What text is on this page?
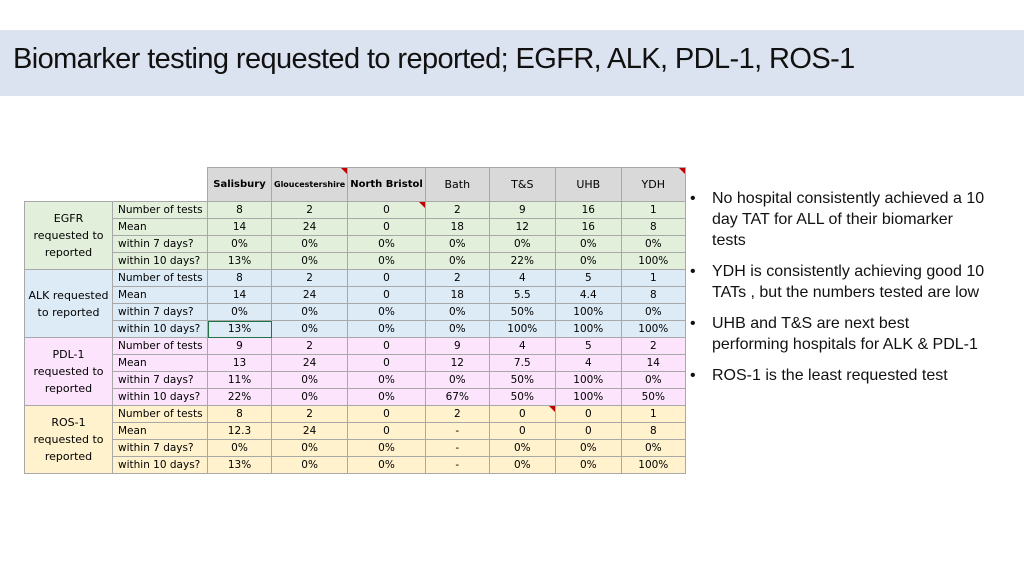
Biomarker testing requested to reported; EGFR, ALK, PDL-1, ROS-1
		Salisbury	Gloucestershire	North Bristol	Bath	T&S	UHB	YDH
EGFR requested to reported	Number of tests	8	2	0	2	9	16	1
	Mean	14	24	0	18	12	16	8
	within 7 days?	0%	0%	0%	0%	0%	0%	0%
	within 10 days?	13%	0%	0%	0%	22%	0%	100%
ALK requested to reported	Number of tests	8	2	0	2	4	5	1
	Mean	14	24	0	18	5.5	4.4	8
	within 7 days?	0%	0%	0%	0%	50%	100%	0%
	within 10 days?	13%	0%	0%	0%	100%	100%	100%
PDL-1 requested to reported	Number of tests	9	2	0	9	4	5	2
	Mean	13	24	0	12	7.5	4	14
	within 7 days?	11%	0%	0%	0%	50%	100%	0%
	within 10 days?	22%	0%	0%	67%	50%	100%	50%
ROS-1 requested to reported	Number of tests	8	2	0	2	0	0	1
	Mean	12.3	24	0	-	0	0	8
	within 7 days?	0%	0%	0%	-	0%	0%	0%
	within 10 days?	13%	0%	0%	-	0%	0%	100%
• No hospital consistently achieved a 10 day TAT for ALL of their biomarker tests
• YDH is consistently achieving good 10 TATs , but the numbers tested are low
• UHB and T&S are next best performing hospitals for ALK & PDL-1
• ROS-1 is the least requested test
